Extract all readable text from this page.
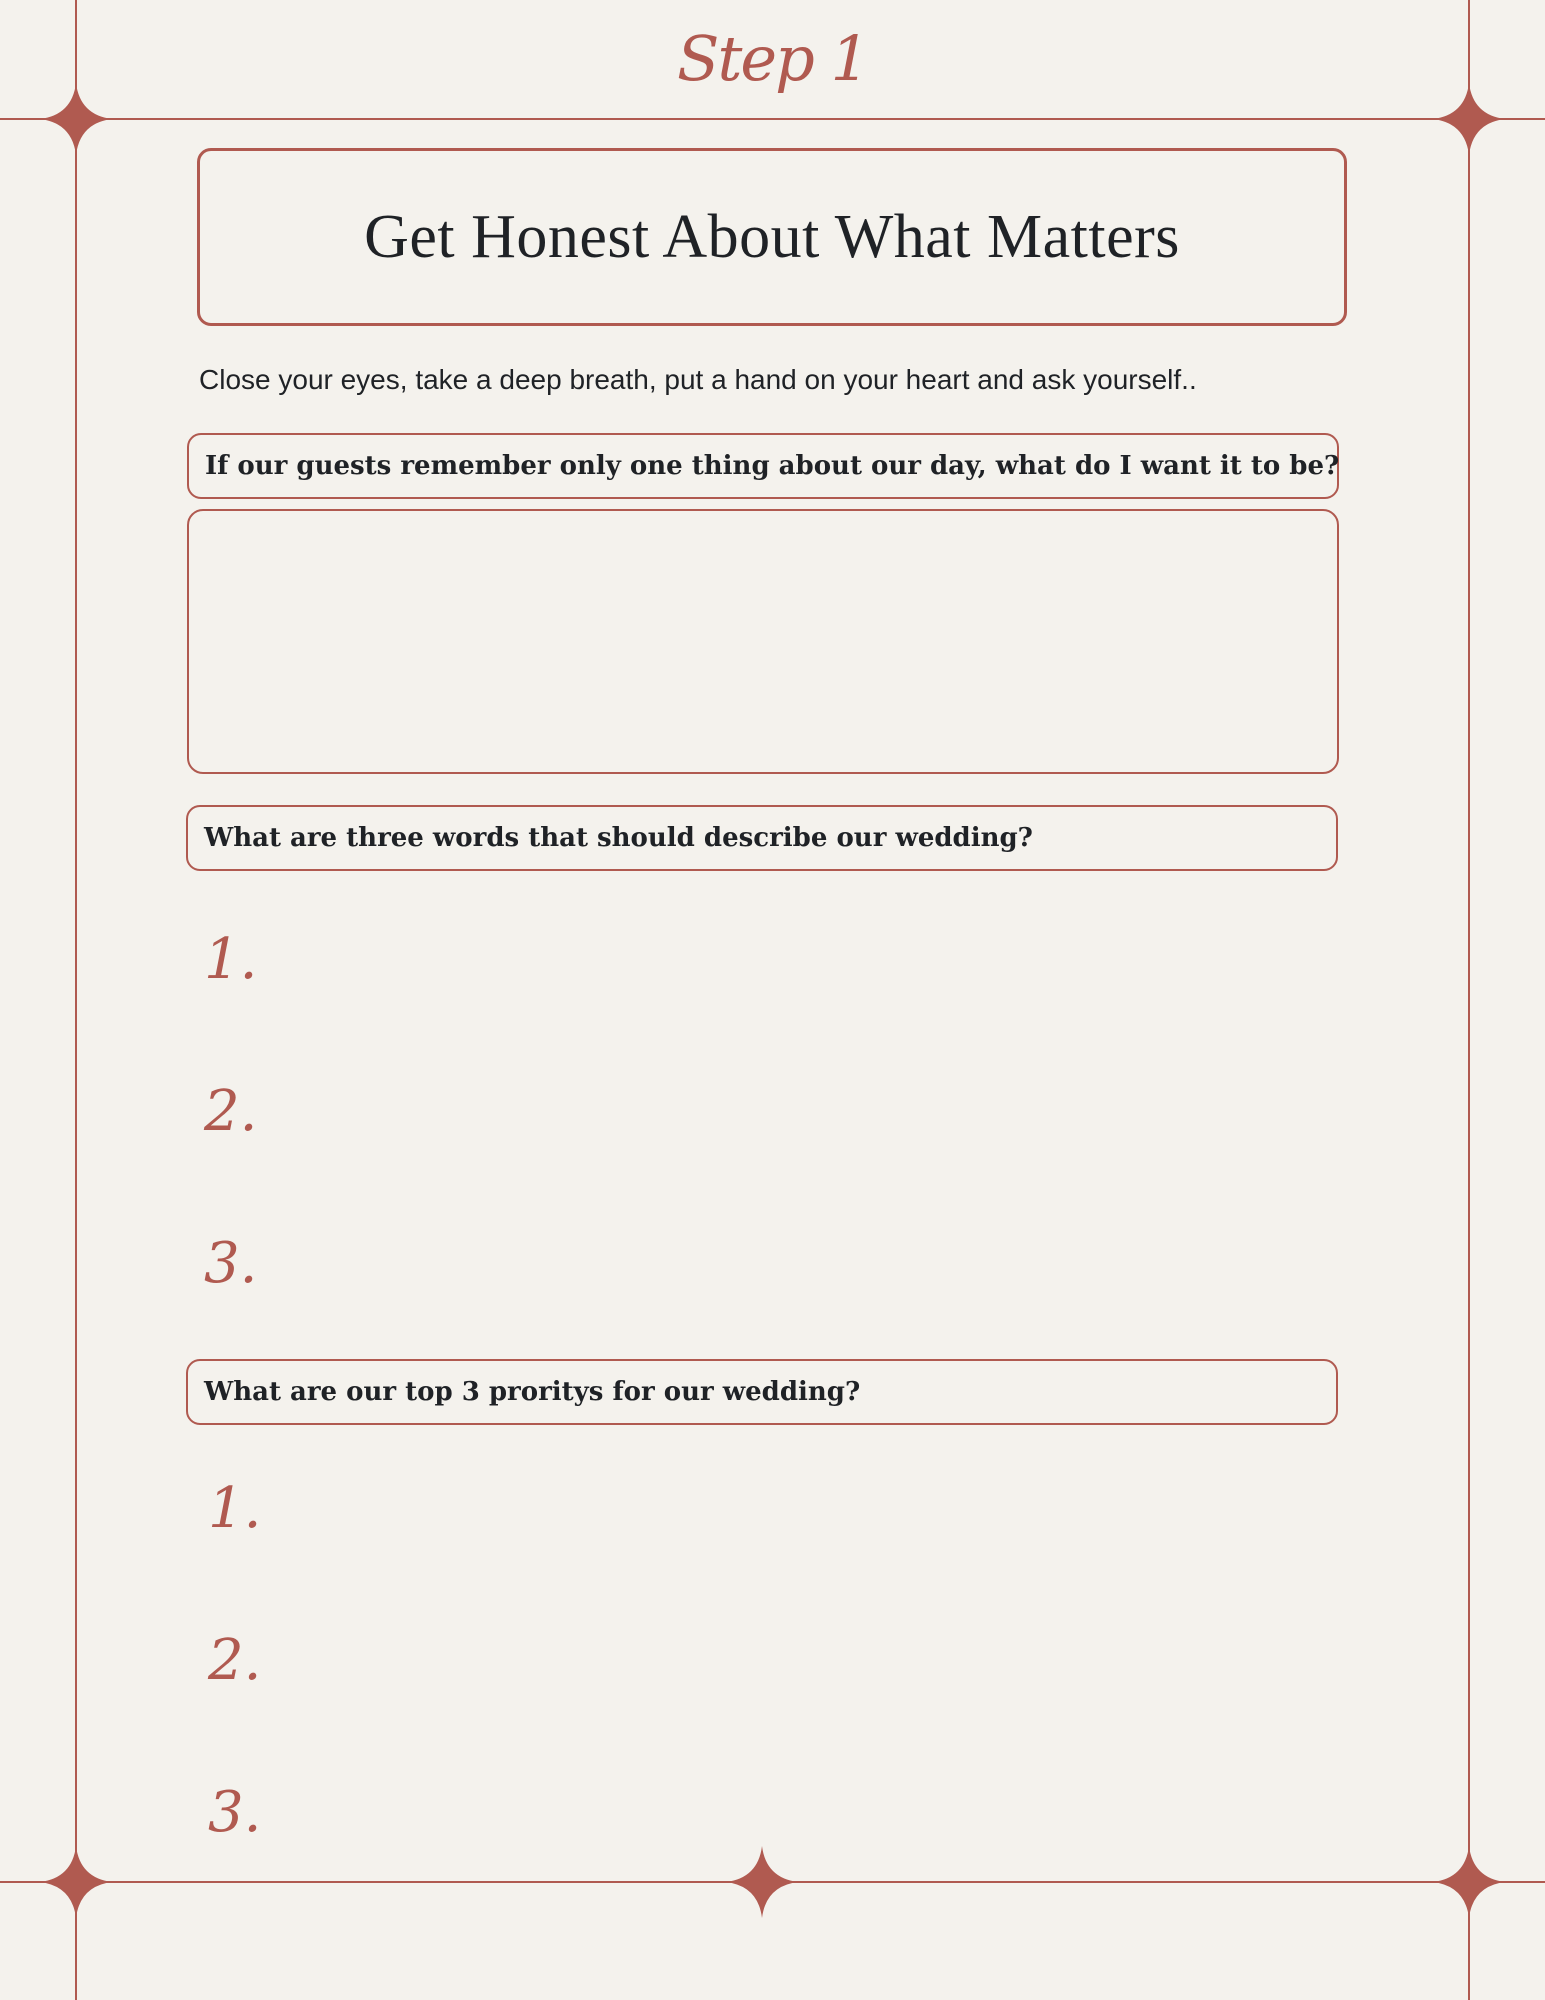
Step 1
Get Honest About What Matters
Close your eyes, take a deep breath, put a hand on your heart and ask yourself..
If our guests remember only one thing about our day, what do I want it to be?
What are three words that should describe our wedding?
1.
2.
3.
What are our top 3 proritys for our wedding?
1.
2.
3.
